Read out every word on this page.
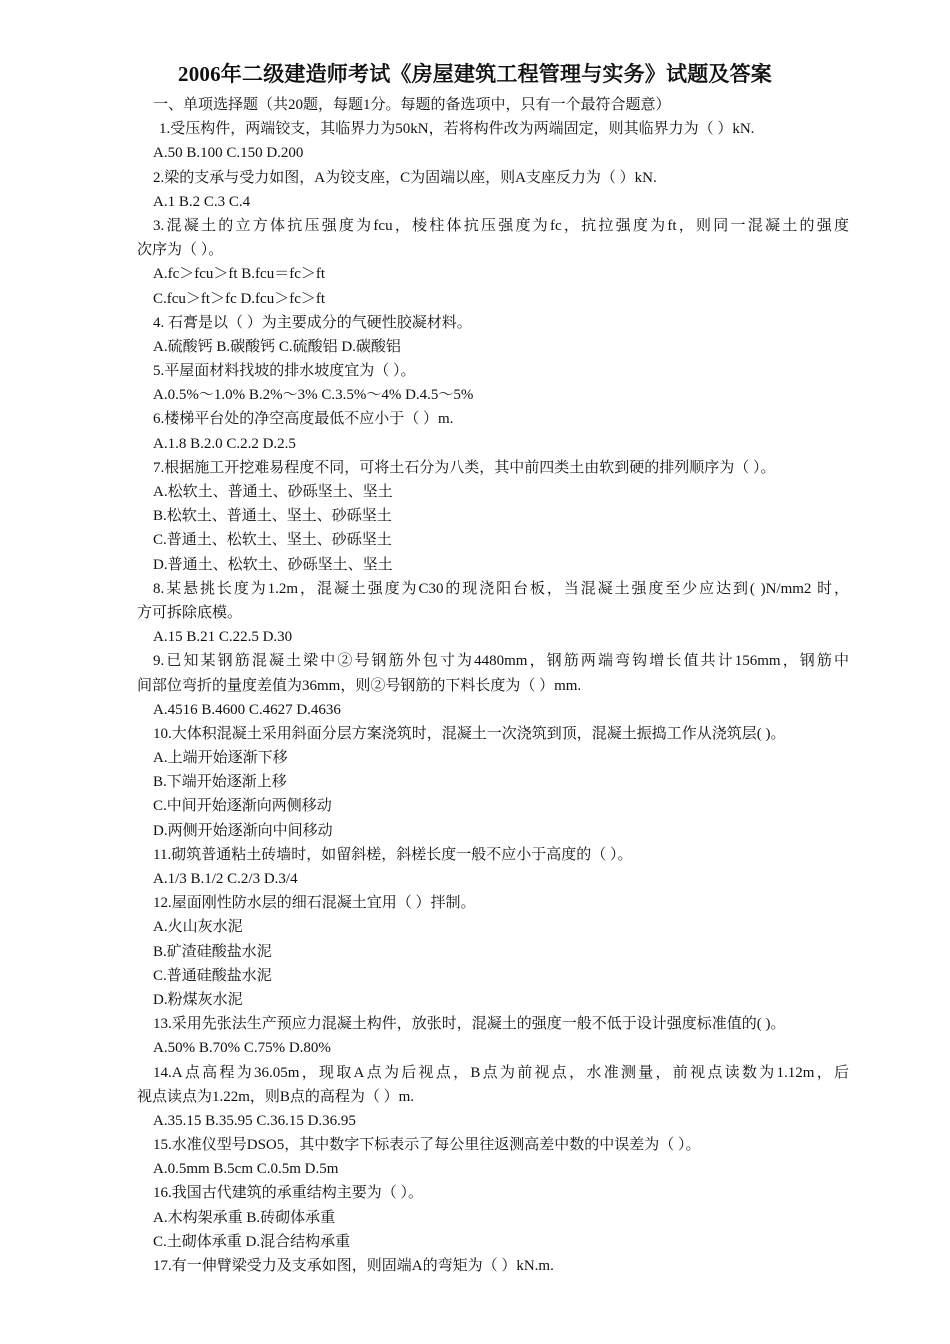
2006年二级建造师考试《房屋建筑工程管理与实务》试题及答案
一、单项选择题（共20题，每题1分。每题的备选项中，只有一个最符合题意）
1.受压构件，两端铰支，其临界力为50kN，若将构件改为两端固定，则其临界力为（ ）kN.
A.50 B.100 C.150 D.200
2.梁的支承与受力如图，A为铰支座，C为固端以座，则A支座反力为（ ）kN.
A.1 B.2 C.3 C.4
3.混凝土的立方体抗压强度为fcu，棱柱体抗压强度为fc，抗拉强度为ft，则同一混凝土的强度
次序为（ ）。
A.fc＞fcu＞ft B.fcu＝fc＞ft
C.fcu＞ft＞fc D.fcu＞fc＞ft
4. 石膏是以（ ）为主要成分的气硬性胶凝材料。
A.硫酸钙 B.碳酸钙 C.硫酸铝 D.碳酸铝
5.平屋面材料找坡的排水坡度宜为（ ）。
A.0.5%～1.0% B.2%～3% C.3.5%～4% D.4.5～5%
6.楼梯平台处的净空高度最低不应小于（ ）m.
A.1.8 B.2.0 C.2.2 D.2.5
7.根据施工开挖难易程度不同，可将土石分为八类，其中前四类土由软到硬的排列顺序为（ ）。
A.松软土、普通土、砂砾坚土、坚土
B.松软土、普通土、坚土、砂砾坚土
C.普通土、松软土、坚土、砂砾坚土
D.普通土、松软土、砂砾坚土、坚土
8.某悬挑长度为1.2m，混凝土强度为C30的现浇阳台板，当混凝土强度至少应达到( )N/mm2 时，
方可拆除底模。
A.15 B.21 C.22.5 D.30
9.已知某钢筋混凝土梁中②号钢筋外包寸为4480mm，钢筋两端弯钩增长值共计156mm，钢筋中
间部位弯折的量度差值为36mm，则②号钢筋的下料长度为（ ）mm.
A.4516 B.4600 C.4627 D.4636
10.大体积混凝土采用斜面分层方案浇筑时，混凝土一次浇筑到顶，混凝土振捣工作从浇筑层( )。
A.上端开始逐渐下移
B.下端开始逐渐上移
C.中间开始逐渐向两侧移动
D.两侧开始逐渐向中间移动
11.砌筑普通粘土砖墙时，如留斜槎，斜槎长度一般不应小于高度的（ ）。
A.1/3 B.1/2 C.2/3 D.3/4
12.屋面刚性防水层的细石混凝土宜用（ ）拌制。
A.火山灰水泥
B.矿渣硅酸盐水泥
C.普通硅酸盐水泥
D.粉煤灰水泥
13.采用先张法生产预应力混凝土构件，放张时，混凝土的强度一般不低于设计强度标准值的( )。
A.50% B.70% C.75% D.80%
14.A点高程为36.05m，现取A点为后视点，B点为前视点，水准测量，前视点读数为1.12m，后
视点读点为1.22m，则B点的高程为（ ）m.
A.35.15 B.35.95 C.36.15 D.36.95
15.水准仪型号DSO5，其中数字下标表示了每公里往返测高差中数的中误差为（ ）。
A.0.5mm B.5cm C.0.5m D.5m
16.我国古代建筑的承重结构主要为（ ）。
A.木构架承重 B.砖砌体承重
C.土砌体承重 D.混合结构承重
17.有一伸臂梁受力及支承如图，则固端A的弯矩为（ ）kN.m.
